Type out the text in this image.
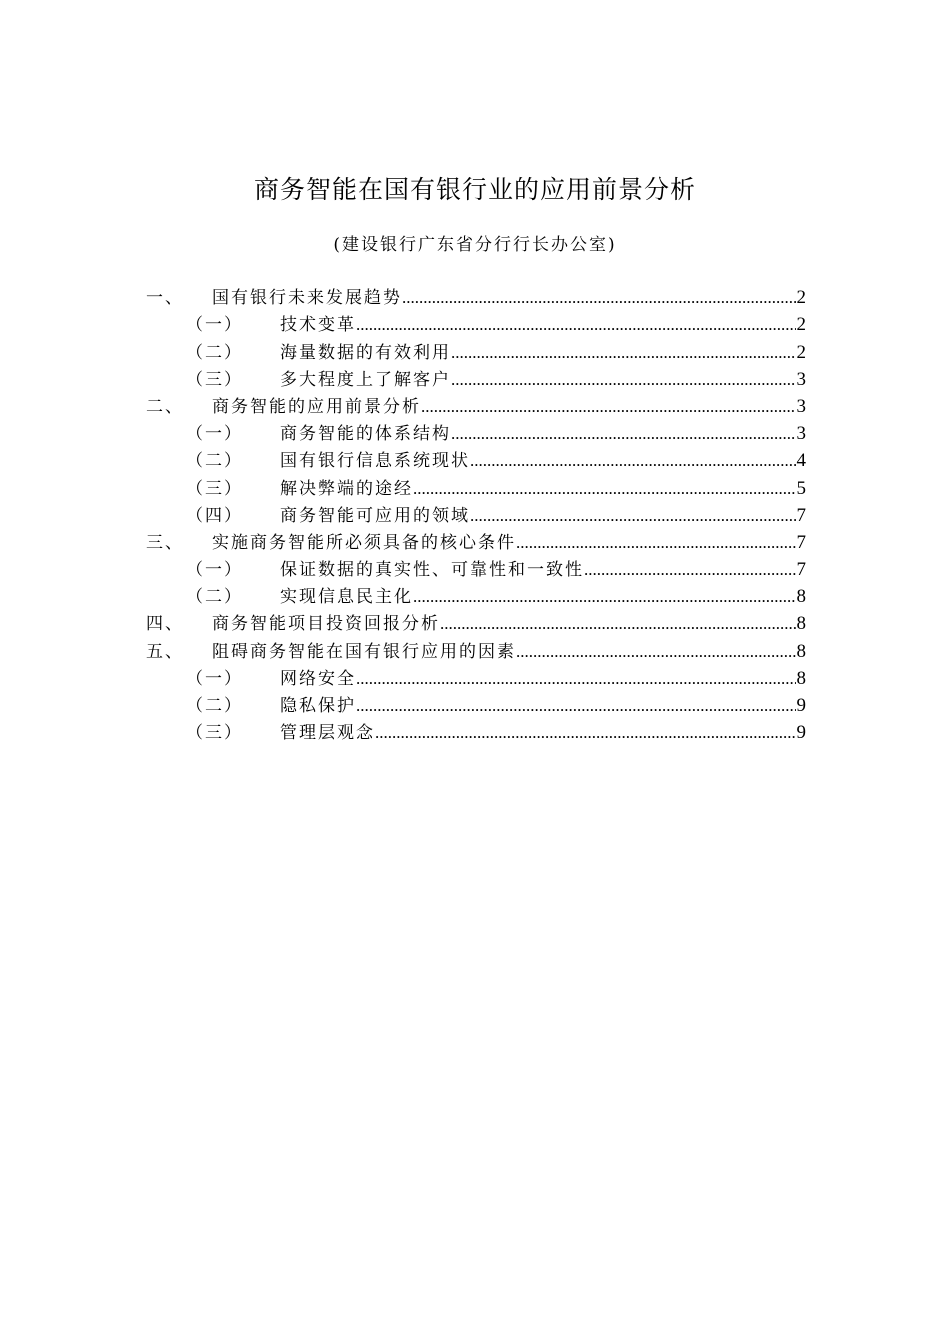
商务智能在国有银行业的应用前景分析
(建设银行广东省分行行长办公室)
一、	国有银行未来发展趋势 .....	2
（一）	技术变革 .....	2
（二）	海量数据的有效利用 .....	2
（三）	多大程度上了解客户 .....	3
二、	商务智能的应用前景分析 .....	3
（一）	商务智能的体系结构 .....	3
（二）	国有银行信息系统现状 .....	4
（三）	解决弊端的途经 .....	5
（四）	商务智能可应用的领域 .....	7
三、	实施商务智能所必须具备的核心条件 .....	7
（一）	保证数据的真实性、可靠性和一致性 .....	7
（二）	实现信息民主化 .....	8
四、	商务智能项目投资回报分析 .....	8
五、	阻碍商务智能在国有银行应用的因素 .....	8
（一）	网络安全 .....	8
（二）	隐私保护 .....	9
（三）	管理层观念 .....	9
